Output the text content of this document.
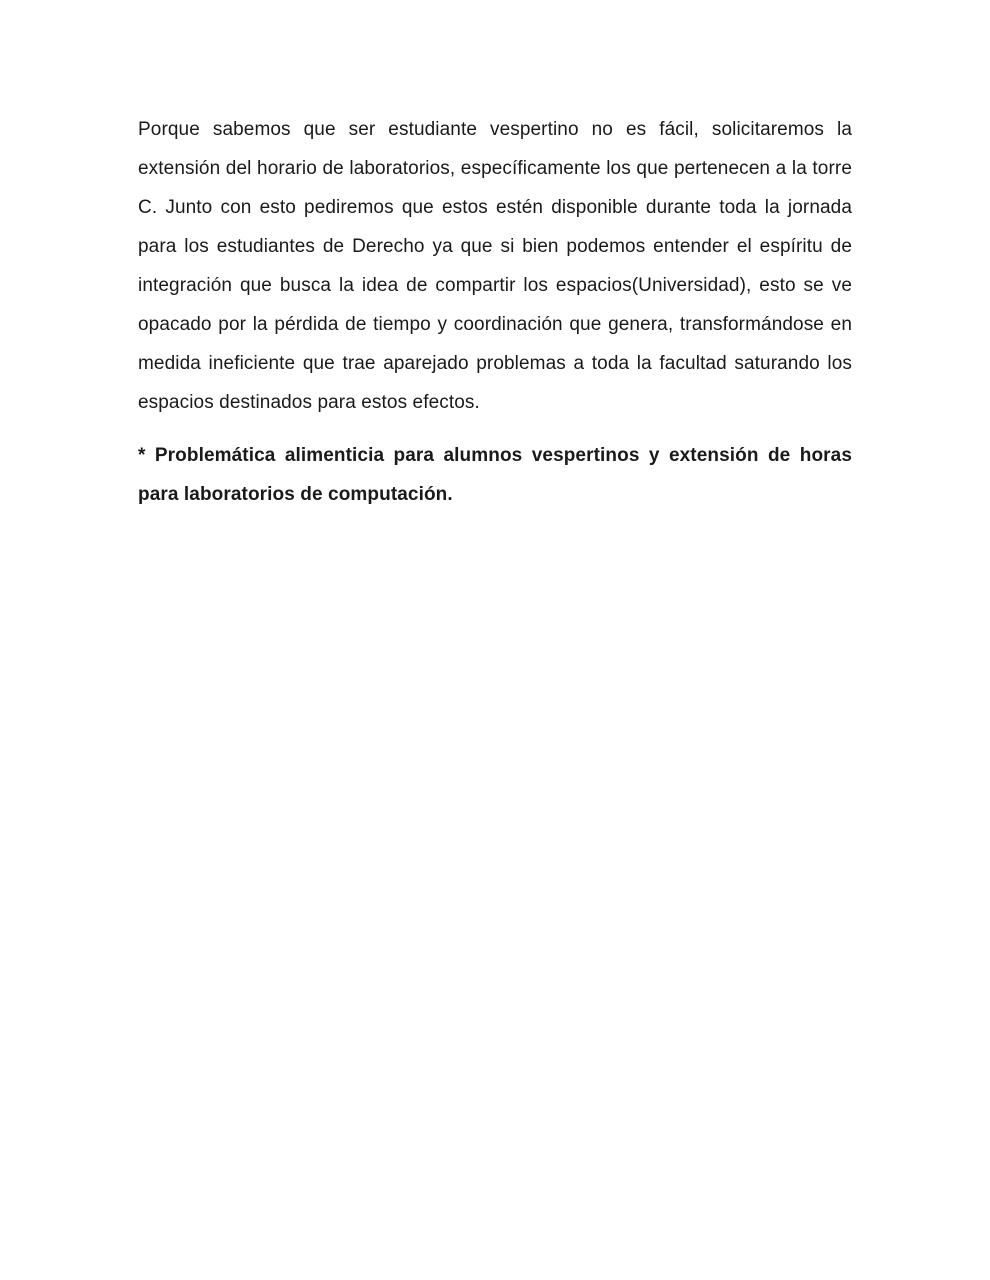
Porque sabemos que ser estudiante vespertino no es fácil, solicitaremos la extensión del horario de laboratorios, específicamente los que pertenecen a la torre C. Junto con esto pediremos que estos estén disponible durante toda la jornada para los estudiantes de Derecho ya que si bien podemos entender el espíritu de integración que busca la idea de compartir los espacios(Universidad), esto se ve opacado por la pérdida de tiempo y coordinación que genera, transformándose en medida ineficiente que trae aparejado problemas a toda la facultad saturando los espacios destinados para estos efectos.

* Problemática alimenticia para alumnos vespertinos y extensión de horas para laboratorios de computación.
